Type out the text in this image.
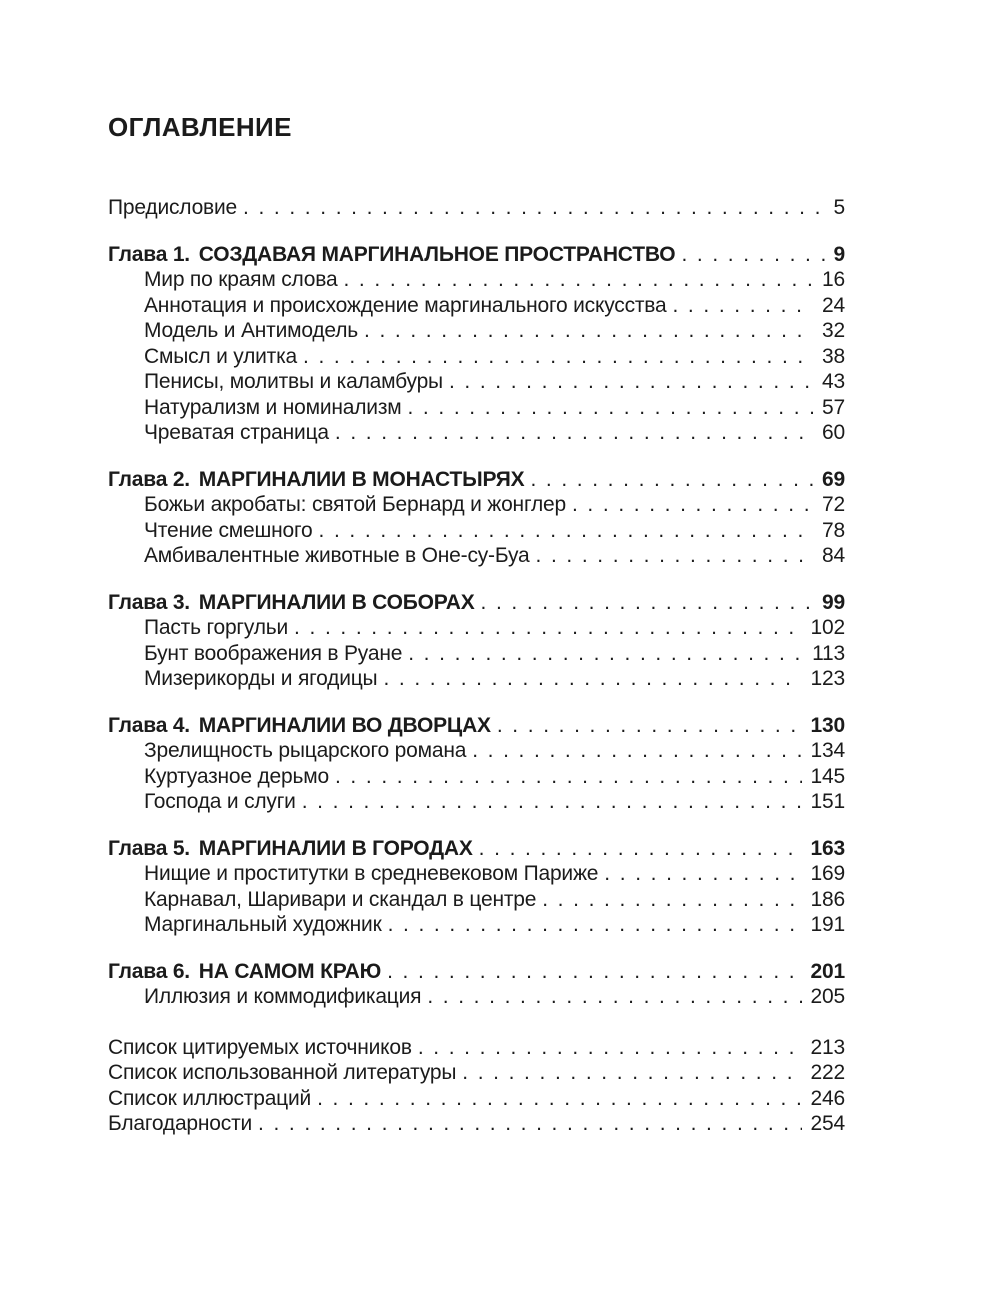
ОГЛАВЛЕНИЕ
Предисловие . . .	5
Глава 1. СОЗДАВАЯ МАРГИНАЛЬНОЕ ПРОСТРАНСТВО . . .	9
Мир по краям слова . . .	16
Аннотация и происхождение маргинального искусства . . .	24
Модель и Антимодель . . .	32
Смысл и улитка . . .	38
Пенисы, молитвы и каламбуры . . .	43
Натурализм и номинализм . . .	57
Чреватая страница . . .	60
Глава 2. МАРГИНАЛИИ В МОНАСТЫРЯХ . . .	69
Божьи акробаты: святой Бернард и жонглер . . .	72
Чтение смешного . . .	78
Амбивалентные животные в Оне-су-Буа . . .	84
Глава 3. МАРГИНАЛИИ В СОБОРАХ . . .	99
Пасть горгульи . . .	102
Бунт воображения в Руане . . .	113
Мизерикорды и ягодицы . . .	123
Глава 4. МАРГИНАЛИИ ВО ДВОРЦАХ . . .	130
Зрелищность рыцарского романа . . .	134
Куртуазное дерьмо . . .	145
Господа и слуги . . .	151
Глава 5. МАРГИНАЛИИ В ГОРОДАХ . . .	163
Нищие и проститутки в средневековом Париже . . .	169
Карнавал, Шаривари и скандал в центре . . .	186
Маргинальный художник . . .	191
Глава 6. НА САМОМ КРАЮ . . .	201
Иллюзия и коммодификация . . .	205
Список цитируемых источников . . .	213
Список использованной литературы . . .	222
Список иллюстраций . . .	246
Благодарности . . .	254
